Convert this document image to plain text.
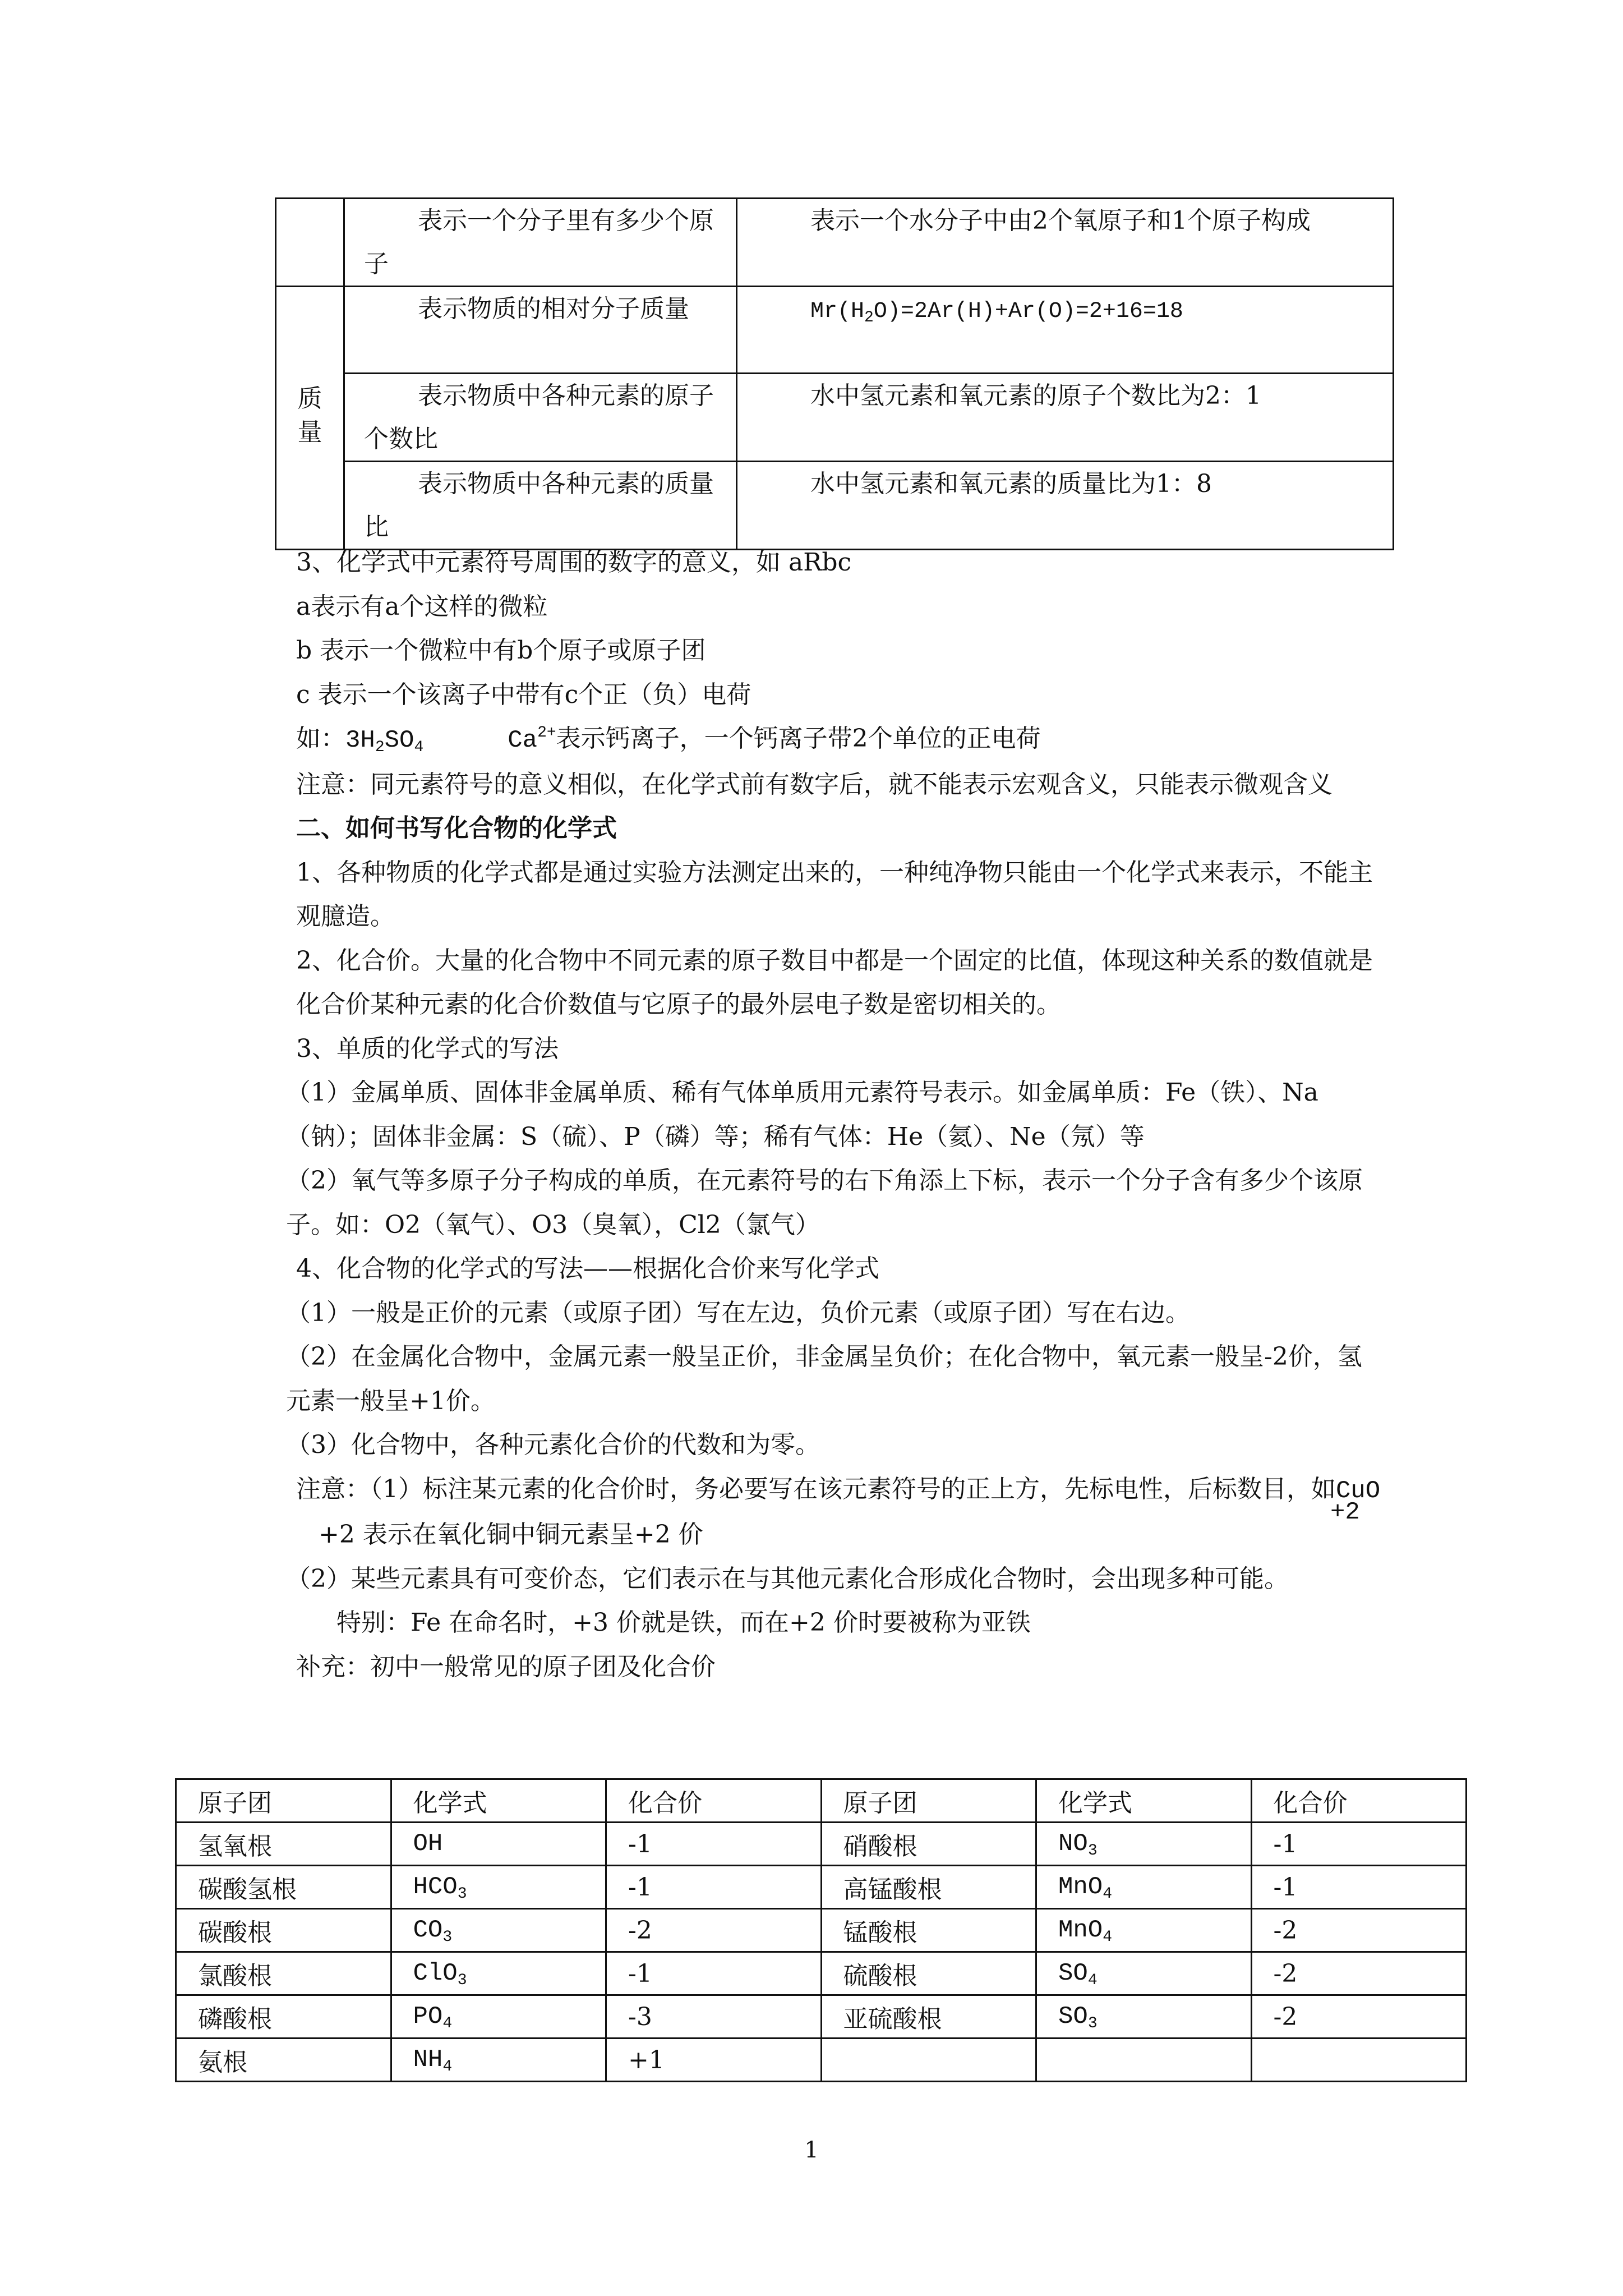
	表示一个分子里有多少个原子	表示一个水分子中由2个氧原子和1个原子构成
质量	表示物质的相对分子质量	$Mr(H_2O)=2Ar(H)+Ar(O)=2+16=18$
	表示物质中各种元素的原子个数比	水中氢元素和氧元素的原子个数比为2：1
	表示物质中各种元素的质量比	水中氢元素和氧元素的质量比为1：8

3、化学式中元素符号周围的数字的意义，如 aRbc

a表示有a个这样的微粒

b 表示一个微粒中有b个原子或原子团

c 表示一个该离子中带有c个正（负）电荷

如：$3H_2SO_4$	$Ca^{2+}$表示钙离子，一个钙离子带2个单位的正电荷

注意：同元素符号的意义相似，在化学式前有数字后，就不能表示宏观含义，只能表示微观含义

二、如何书写化合物的化学式

1、各种物质的化学式都是通过实验方法测定出来的，一种纯净物只能由一个化学式来表示，不能主观臆造。

2、化合价。大量的化合物中不同元素的原子数目中都是一个固定的比值，体现这种关系的数值就是化合价某种元素的化合价数值与它原子的最外层电子数是密切相关的。

3、单质的化学式的写法

（1）金属单质、固体非金属单质、稀有气体单质用元素符号表示。如金属单质：Fe（铁）、Na（钠）；固体非金属：S（硫）、P（磷）等；稀有气体：He（氦）、Ne（氖）等

（2）氧气等多原子分子构成的单质，在元素符号的右下角添上下标，表示一个分子含有多少个该原子。如：O2（氧气）、O3（臭氧），Cl2（氯气）

4、化合物的化学式的写法——根据化合价来写化学式

（1）一般是正价的元素（或原子团）写在左边，负价元素（或原子团）写在右边。

（2）在金属化合物中，金属元素一般呈正价，非金属呈负价；在化合物中，氧元素一般呈-2价，氢元素一般呈+1价。

（3）化合物中，各种元素化合价的代数和为零。

注意：（1）标注某元素的化合价时，务必要写在该元素符号的正上方，先标电性，后标数目，如
+2
CuO+2 表示在氧化铜中铜元素呈+2 价

（2）某些元素具有可变价态，它们表示在与其他元素化合形成化合物时，会出现多种可能。

特别：Fe 在命名时，+3 价就是铁，而在+2 价时要被称为亚铁

补充：初中一般常见的原子团及化合价

原子团	化学式	化合价	原子团	化学式	化合价
氢氧根	OH	-1	硝酸根	$NO_3$	-1
碳酸氢根	$HCO_3$	-1	高锰酸根	MnO$_4$	-1
碳酸根	$CO_3$	-2	锰酸根	MnO$_4$	-2
氯酸根	ClO$_3$	-1	硫酸根	$SO_4$	-2
磷酸根	$PO_4$	-3	亚硫酸根	$SO_3$	-2
氨根	$NH_4$	+1			
1
